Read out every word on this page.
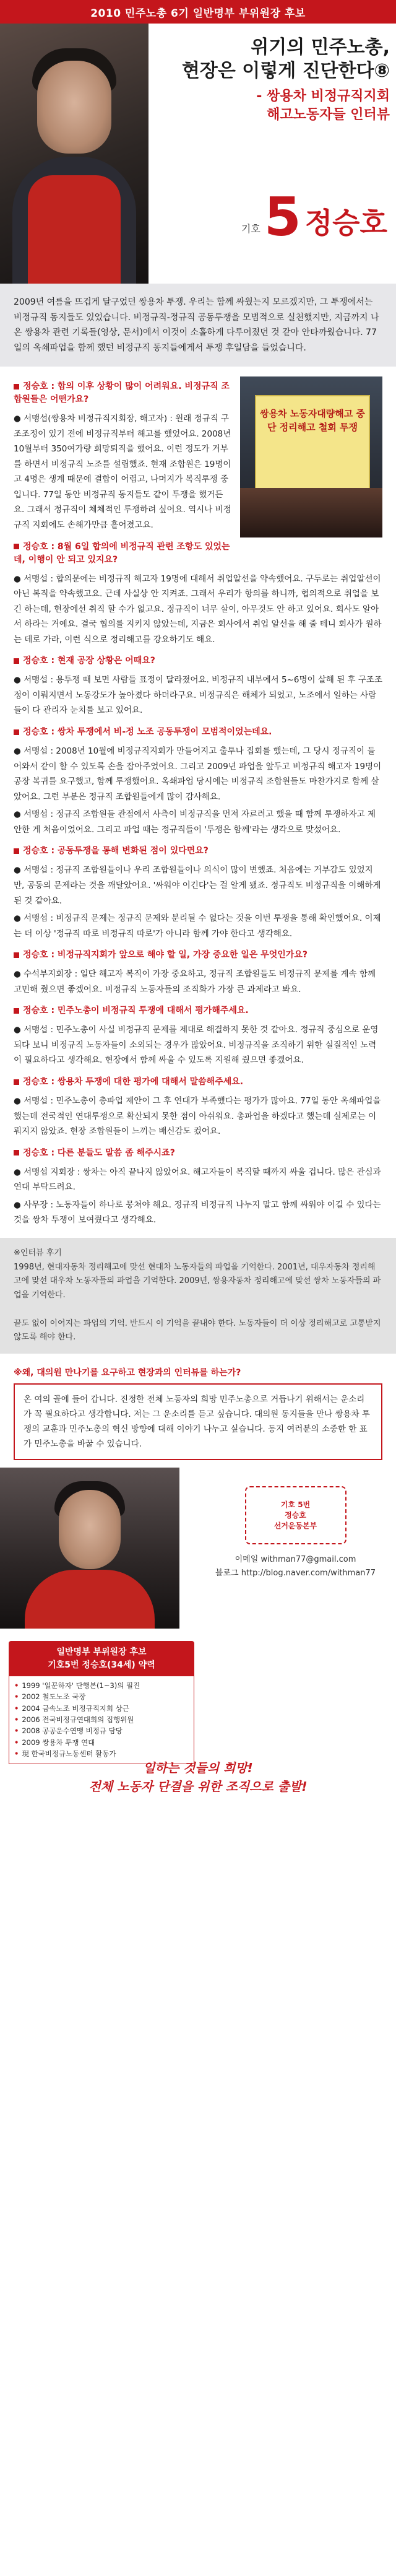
2010 민주노총 6기 일반명부 부위원장 후보
위기의 민주노총,
현장은 이렇게 진단한다⑧
- 쌍용차 비정규직지회
해고노동자들 인터뷰
기호 5 정승호
2009년 여름을 뜨겁게 달구었던 쌍용차 투쟁. 우리는 함께 싸웠는지 모르겠지만, 그 투쟁에서는 비정규직 동지들도 있었습니다. 비정규직-정규직 공동투쟁을 모범적으로 실천했지만, 지금까지 나온 쌍용차 관련 기록들(영상, 문서)에서 이것이 소홀하게 다루어졌던 것 같아 안타까웠습니다. 77일의 옥쇄파업을 함께 했던 비정규직 동지들에게서 투쟁 후일담을 들었습니다.
쌍용차 노동자대량해고 중단 정리해고 철회 투쟁
정승호 : 합의 이후 상황이 많이 어려워요. 비정규직 조합원들은 어떤가요?

● 서맹섭(쌍용차 비정규직지회장, 해고자) : 원래 정규직 구조조정이 있기 전에 비정규직부터 해고를 했었어요. 2008년 10월부터 350여가량 희망퇴직을 했어요. 이런 정도가 거부를 하면서 비정규직 노조를 설립했죠. 현재 조합원은 19명이고 4명은 생계 때문에 결합이 어렵고, 나머지가 복직투쟁 중입니다. 77일 동안 비정규직 동지들도 같이 투쟁을 했거든요. 그래서 정규직이 체체적인 투쟁하려 싶어요. 역시나 비정규직 지회에도 손해가만큼 흩어졌고요.

정승호 : 8월 6일 합의에 비정규직 관련 조항도 있었는데, 이행이 안 되고 있지요?

● 서맹섭 : 합의문에는 비정규직 해고자 19명에 대해서 취업알선을 약속했어요. 구두로는 취업알선이 아닌 복직을 약속했고요. 근데 사실상 안 지켜죠. 그래서 우리가 항의를 하니까, 협의적으로 취업을 보긴 하는데, 현장에선 취직 할 수가 없고요. 정규직이 너무 살이, 아무것도 안 하고 있어요. 회사도 알아서 하라는 거예요. 결국 협의를 지키지 않았는데, 지금은 회사에서 취업 알선을 해 줄 테니 회사가 원하는 데로 가라, 이런 식으로 정리해고를 강요하기도 해요.

정승호 : 현재 공장 상황은 어때요?

● 서맹섭 : 용투쟁 때 보면 사람들 표정이 달라졌어요. 비정규직 내부에서 5~6명이 살해 된 후 구조조정이 이뤄지면서 노동강도가 높아졌다 하더라구요. 비정규직은 해체가 되었고, 노조에서 일하는 사람들이 다 관리자 눈치를 보고 있어요.

정승호 : 쌍차 투쟁에서 비-정 노조 공동투쟁이 모범적이었는데요.

● 서맹섭 : 2008년 10월에 비정규직지회가 만들어지고 출투나 집회를 했는데, 그 당시 정규직이 들어와서 같이 할 수 있도록 손을 잡아주었어요. 그리고 2009년 파업을 앞두고 비정규직 해고자 19명이 공장 복귀를 요구했고, 함께 투쟁했어요. 옥쇄파업 당시에는 비정규직 조합원들도 마찬가지로 함께 살았어요. 그런 부분은 정규직 조합원들에게 많이 감사해요.

● 서맹섭 : 정규직 조합원들 관점에서 사측이 비정규직을 먼저 자르려고 했을 때 함께 투쟁하자고 제안한 게 처음이었어요. 그리고 파업 때는 정규직들이 '투쟁은 함께'라는 생각으로 맞섰어요.

정승호 : 공동투쟁을 통해 변화된 점이 있다면요?

● 서맹섭 : 정규직 조합원들이나 우리 조합원들이나 의식이 많이 변했죠. 처음에는 거부감도 있었지만, 공동의 문제라는 것을 깨달았어요. '싸워야 이긴다'는 걸 알게 됐죠. 정규직도 비정규직을 이해하게 된 것 같아요.

● 서맹섭 : 비정규직 문제는 정규직 문제와 분리될 수 없다는 것을 이번 투쟁을 통해 확인했어요. 이제는 더 이상 '정규직 따로 비정규직 따로'가 아니라 함께 가야 한다고 생각해요.

정승호 : 비정규직지회가 앞으로 해야 할 일, 가장 중요한 일은 무엇인가요?

● 수석부지회장 : 일단 해고자 복직이 가장 중요하고, 정규직 조합원들도 비정규직 문제를 계속 함께 고민해 줬으면 좋겠어요. 비정규직 노동자들의 조직화가 가장 큰 과제라고 봐요.

정승호 : 민주노총이 비정규직 투쟁에 대해서 평가해주세요.

● 서맹섭 : 민주노총이 사실 비정규직 문제를 제대로 해결하지 못한 것 같아요. 정규직 중심으로 운영되다 보니 비정규직 노동자들이 소외되는 경우가 많았어요. 비정규직을 조직하기 위한 실질적인 노력이 필요하다고 생각해요. 현장에서 함께 싸울 수 있도록 지원해 줬으면 좋겠어요.

정승호 : 쌍용차 투쟁에 대한 평가에 대해서 말씀해주세요.

● 서맹섭 : 민주노총이 총파업 제안이 그 후 연대가 부족했다는 평가가 많아요. 77일 동안 옥쇄파업을 했는데 전국적인 연대투쟁으로 확산되지 못한 점이 아쉬워요. 총파업을 하겠다고 했는데 실제로는 이뤄지지 않았죠. 현장 조합원들이 느끼는 배신감도 컸어요.

정승호 : 다른 분들도 말씀 좀 해주시죠?

● 서맹섭 지회장 : 쌍차는 아직 끝나지 않았어요. 해고자들이 복직할 때까지 싸울 겁니다. 많은 관심과 연대 부탁드려요.

● 사무장 : 노동자들이 하나로 뭉쳐야 해요. 정규직 비정규직 나누지 말고 함께 싸워야 이길 수 있다는 것을 쌍차 투쟁이 보여줬다고 생각해요.

※인터뷰 후기
1998년, 현대자동차 정리해고에 맞선 현대차 노동자들의 파업을 기억한다. 2001년, 대우자동차 정리해고에 맞선 대우차 노동자들의 파업을 기억한다. 2009년, 쌍용자동차 정리해고에 맞선 쌍차 노동자들의 파업을 기억한다.

끝도 없이 이어지는 파업의 기억. 반드시 이 기억을 끝내야 한다. 노동자들이 더 이상 정리해고로 고통받지 않도록 해야 한다.
※왜, 대의원 만나기를 요구하고 현장과의 인터뷰를 하는가?
온 여의 골에 들어 갑니다. 진정한 전체 노동자의 희망 민주노총으로 거듭나기 위해서는 운소리가 꼭 필요하다고 생각합니다. 저는 그 운소리를 듣고 싶습니다. 대의원 동지들을 만나 쌍용차 투쟁의 교훈과 민주노총의 혁신 방향에 대해 이야기 나누고 싶습니다. 동지 여러분의 소중한 한 표가 민주노총을 바꿀 수 있습니다.
기호 5번
정승호
선거운동본부
이메일 withman77@gmail.com
블로그 http://blog.naver.com/withman77
일반명부 부위원장 후보
기호5번 정승호(34세) 약력
• 1999 '일꾼하자' 단행본(1~3)의 필진
• 2002 철도노조 국장
• 2004 금속노조 비정규직지회 상근
• 2006 전국비정규연대회의 집행위원
• 2008 공공운수연맹 비정규 담당
• 2009 쌍용차 투쟁 연대
• 現 한국비정규노동센터 활동가
일하는 것들의 희망!
전체 노동자 단결을 위한 조직으로 출발!
